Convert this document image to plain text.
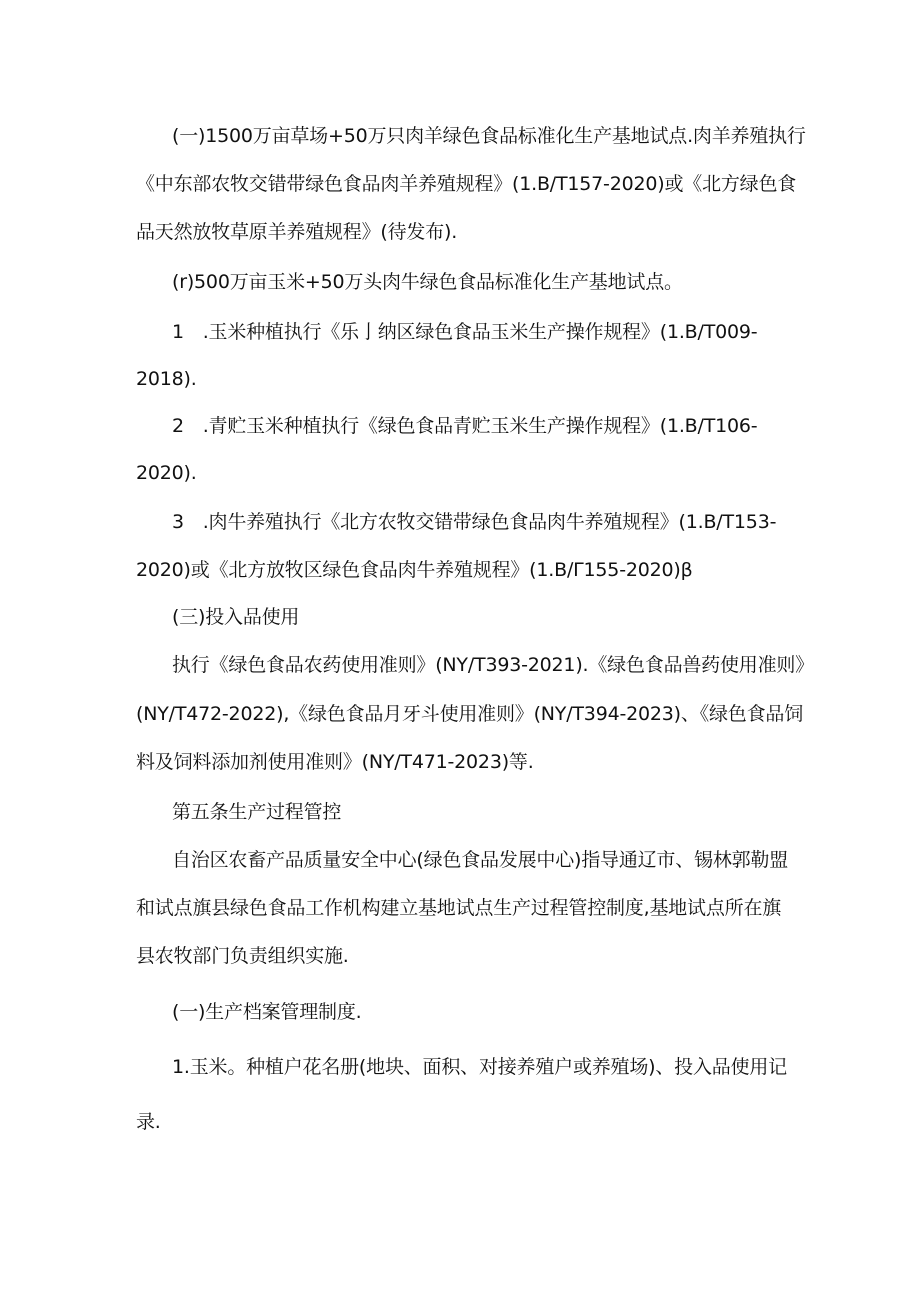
(一)1500万亩草场+50万只肉羊绿色食品标准化生产基地试点.肉羊养殖执行
《中东部农牧交错带绿色食品肉羊养殖规程》(1.B/T157-2020)或《北方绿色食
品天然放牧草原羊养殖规程》(待发布).
(r)500万亩玉米+50万头肉牛绿色食品标准化生产基地试点。
1　.玉米种植执行《乐亅纳区绿色食品玉米生产操作规程》(1.B/T009-
2018).
2　.青贮玉米种植执行《绿色食品青贮玉米生产操作规程》(1.B/T106-
2020).
3　.肉牛养殖执行《北方农牧交错带绿色食品肉牛养殖规程》(1.B/T153-
2020)或《北方放牧区绿色食品肉牛养殖规程》(1.B∕Γ155-2020)β
(三)投入品使用
执行《绿色食品农药使用准则》(NY/T393-2021).《绿色食品兽药使用准则》
(NY/T472-2022),《绿色食品月牙斗使用准则》(NY/T394-2023)、《绿色食品饲
料及饲料添加剂使用准则》(NY/T471-2023)等.
第五条生产过程管控
自治区农畜产品质量安全中心(绿色食品发展中心)指导通辽市、锡林郭勒盟
和试点旗县绿色食品工作机构建立基地试点生产过程管控制度,基地试点所在旗
县农牧部门负责组织实施.
(一)生产档案管理制度.
1.玉米。种植户花名册(地块、面积、对接养殖户或养殖场)、投入品使用记
录.
